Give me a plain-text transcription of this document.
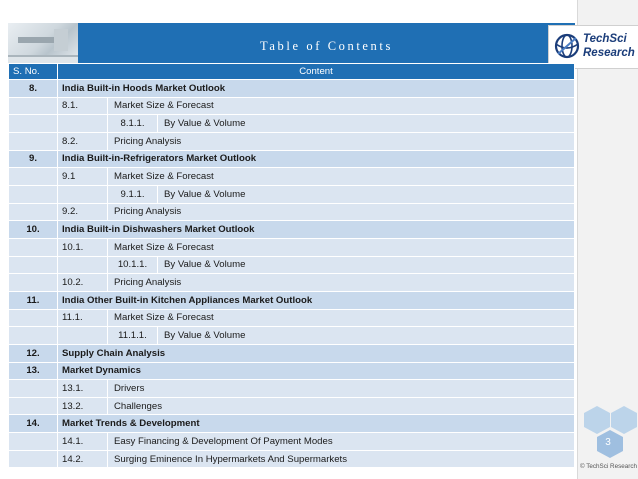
Table of Contents	TechSci
Research
S. No.	Content		
8.	India Built-in Hoods Market Outlook		
	8.1.	Market Size & Forecast	
		8.1.1.	By Value & Volume
	8.2.	Pricing Analysis	
9.	India Built-in-Refrigerators Market Outlook		
	9.1	Market Size & Forecast	
		9.1.1.	By Value & Volume
	9.2.	Pricing Analysis	
10.	India Built-in Dishwashers Market Outlook		
	10.1.	Market Size & Forecast	
		10.1.1.	By Value & Volume
	10.2.	Pricing Analysis	
11.	India Other Built-in Kitchen Appliances Market Outlook		
	11.1.	Market Size & Forecast	
		11.1.1.	By Value & Volume
12.	Supply Chain Analysis		
13.	Market Dynamics		
	13.1.	Drivers	
	13.2.	Challenges	
14.	Market Trends & Development		
	14.1.	Easy Financing & Development Of Payment Modes	
	14.2.	Surging Eminence In Hypermarkets And Supermarkets	
3
© TechSci Research
